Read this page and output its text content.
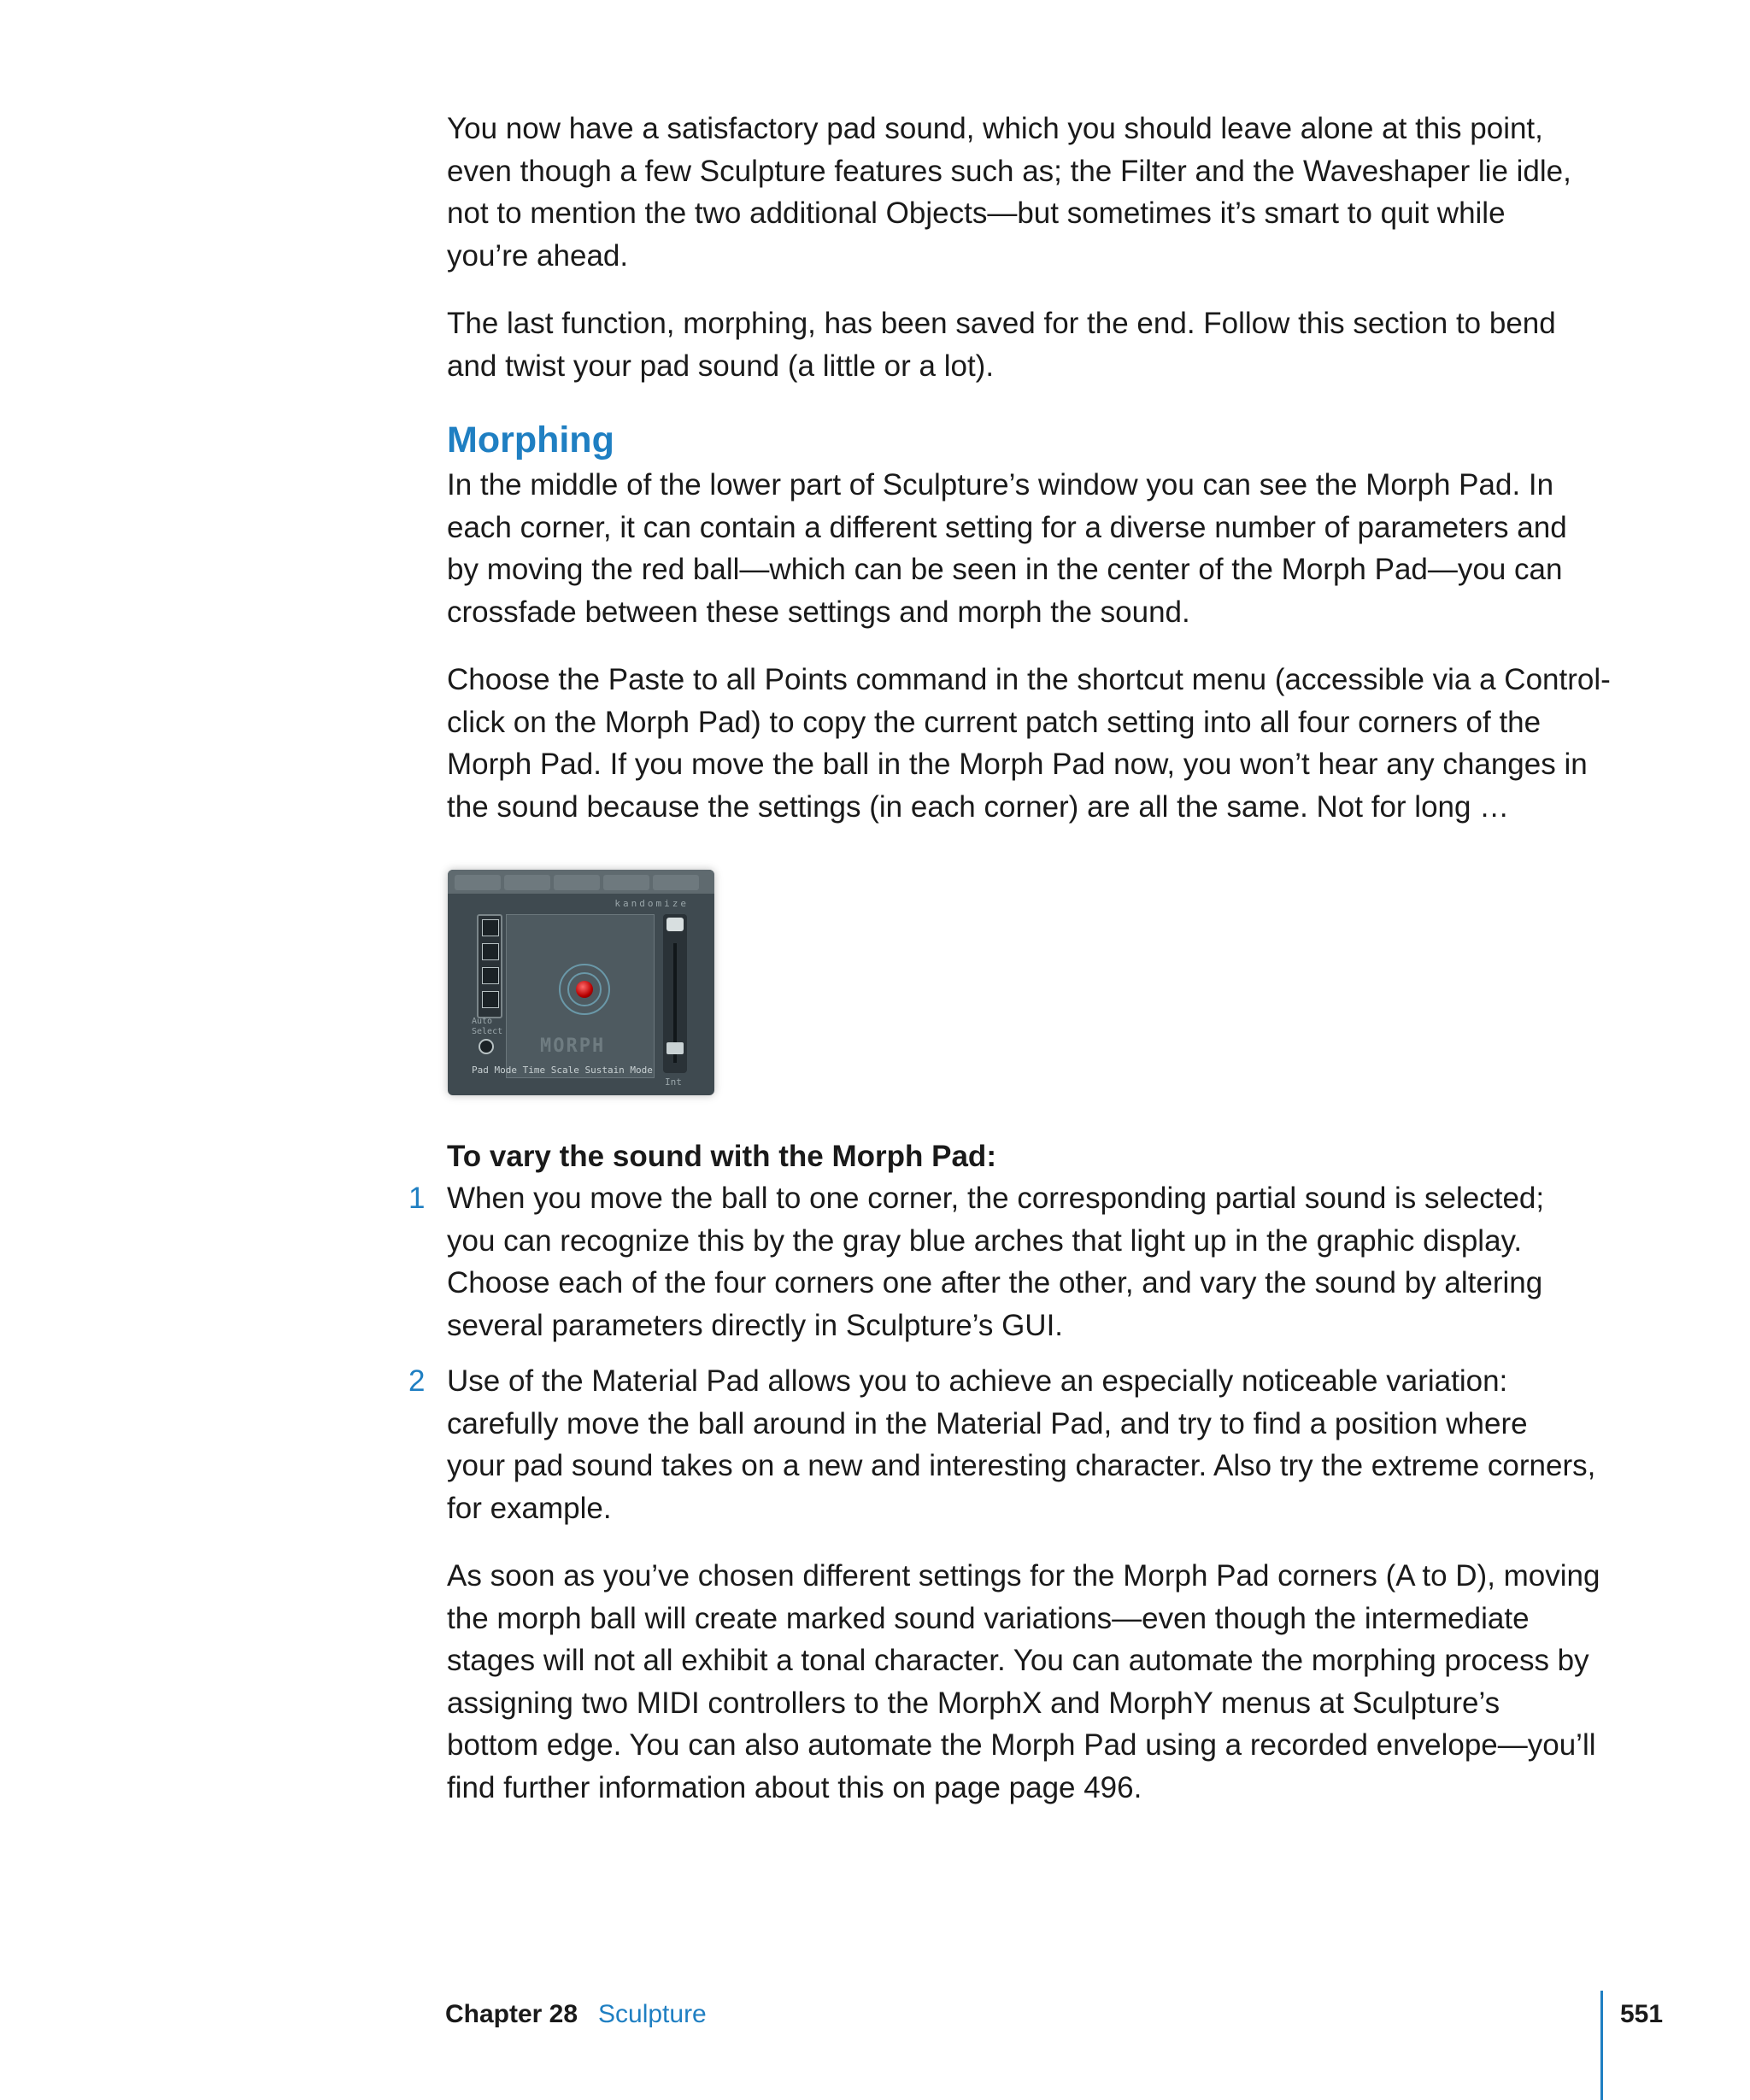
You now have a satisfactory pad sound, which you should leave alone at this point,
even though a few Sculpture features such as; the Filter and the Waveshaper lie idle,
not to mention the two additional Objects—but sometimes it’s smart to quit while
you’re ahead.

The last function, morphing, has been saved for the end. Follow this section to bend
and twist your pad sound (a little or a lot).

Morphing

In the middle of the lower part of Sculpture’s window you can see the Morph Pad. In
each corner, it can contain a different setting for a diverse number of parameters and
by moving the red ball—which can be seen in the center of the Morph Pad—you can
crossfade between these settings and morph the sound.

Choose the Paste to all Points command in the shortcut menu (accessible via a Control-
click on the Morph Pad) to copy the current patch setting into all four corners of the
Morph Pad. If you move the ball in the Morph Pad now, you won’t hear any changes in
the sound because the settings (in each corner) are all the same. Not for long …

kandomize
MORPH
Auto
Select
Int
Pad Mode Time Scale Sustain Mode
To vary the sound with the Morph Pad:
1 When you move the ball to one corner, the corresponding partial sound is selected;
you can recognize this by the gray blue arches that light up in the graphic display.
Choose each of the four corners one after the other, and vary the sound by altering
several parameters directly in Sculpture’s GUI.

2 Use of the Material Pad allows you to achieve an especially noticeable variation:
carefully move the ball around in the Material Pad, and try to find a position where
your pad sound takes on a new and interesting character. Also try the extreme corners,
for example.

As soon as you’ve chosen different settings for the Morph Pad corners (A to D), moving
the morph ball will create marked sound variations—even though the intermediate
stages will not all exhibit a tonal character. You can automate the morphing process by
assigning two MIDI controllers to the MorphX and MorphY menus at Sculpture’s
bottom edge. You can also automate the Morph Pad using a recorded envelope—you’ll
find further information about this on page page 496.

Chapter 28 Sculpture	551
